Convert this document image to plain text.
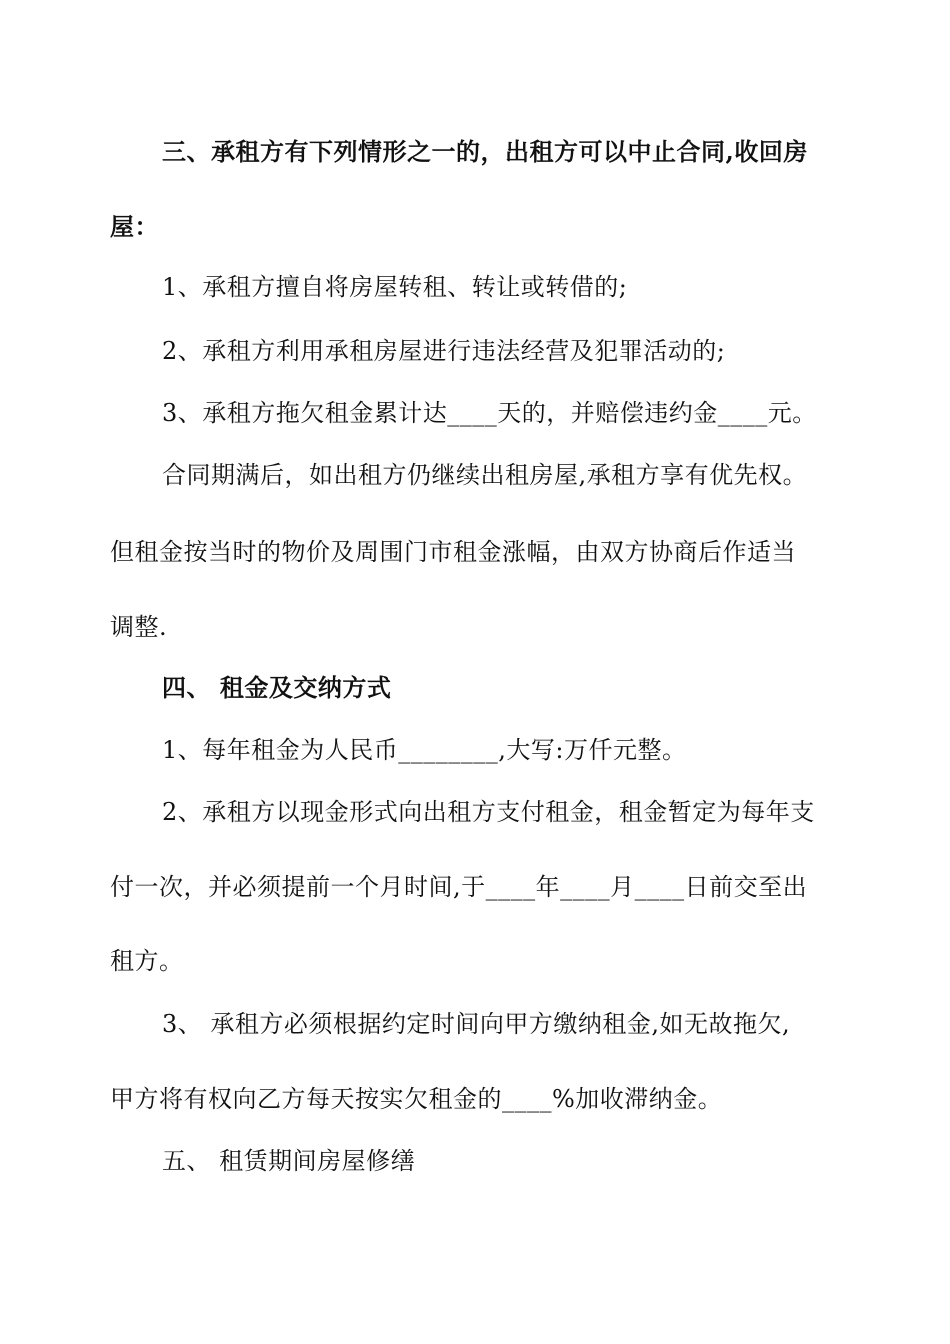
三、承租方有下列情形之一的，出租方可以中止合同,收回房
屋：
1、承租方擅自将房屋转租、转让或转借的;
2、承租方利用承租房屋进行违法经营及犯罪活动的;
3、承租方拖欠租金累计达____天的，并赔偿违约金____元。
合同期满后，如出租方仍继续出租房屋,承租方享有优先权。
但租金按当时的物价及周围门市租金涨幅，由双方协商后作适当
调整.
四、 租金及交纳方式
1、每年租金为人民币________,大写:万仟元整。
2、承租方以现金形式向出租方支付租金，租金暂定为每年支
付一次，并必须提前一个月时间,于____年____月____日前交至出
租方。
3、 承租方必须根据约定时间向甲方缴纳租金,如无故拖欠,
甲方将有权向乙方每天按实欠租金的____%加收滞纳金。
五、 租赁期间房屋修缮
